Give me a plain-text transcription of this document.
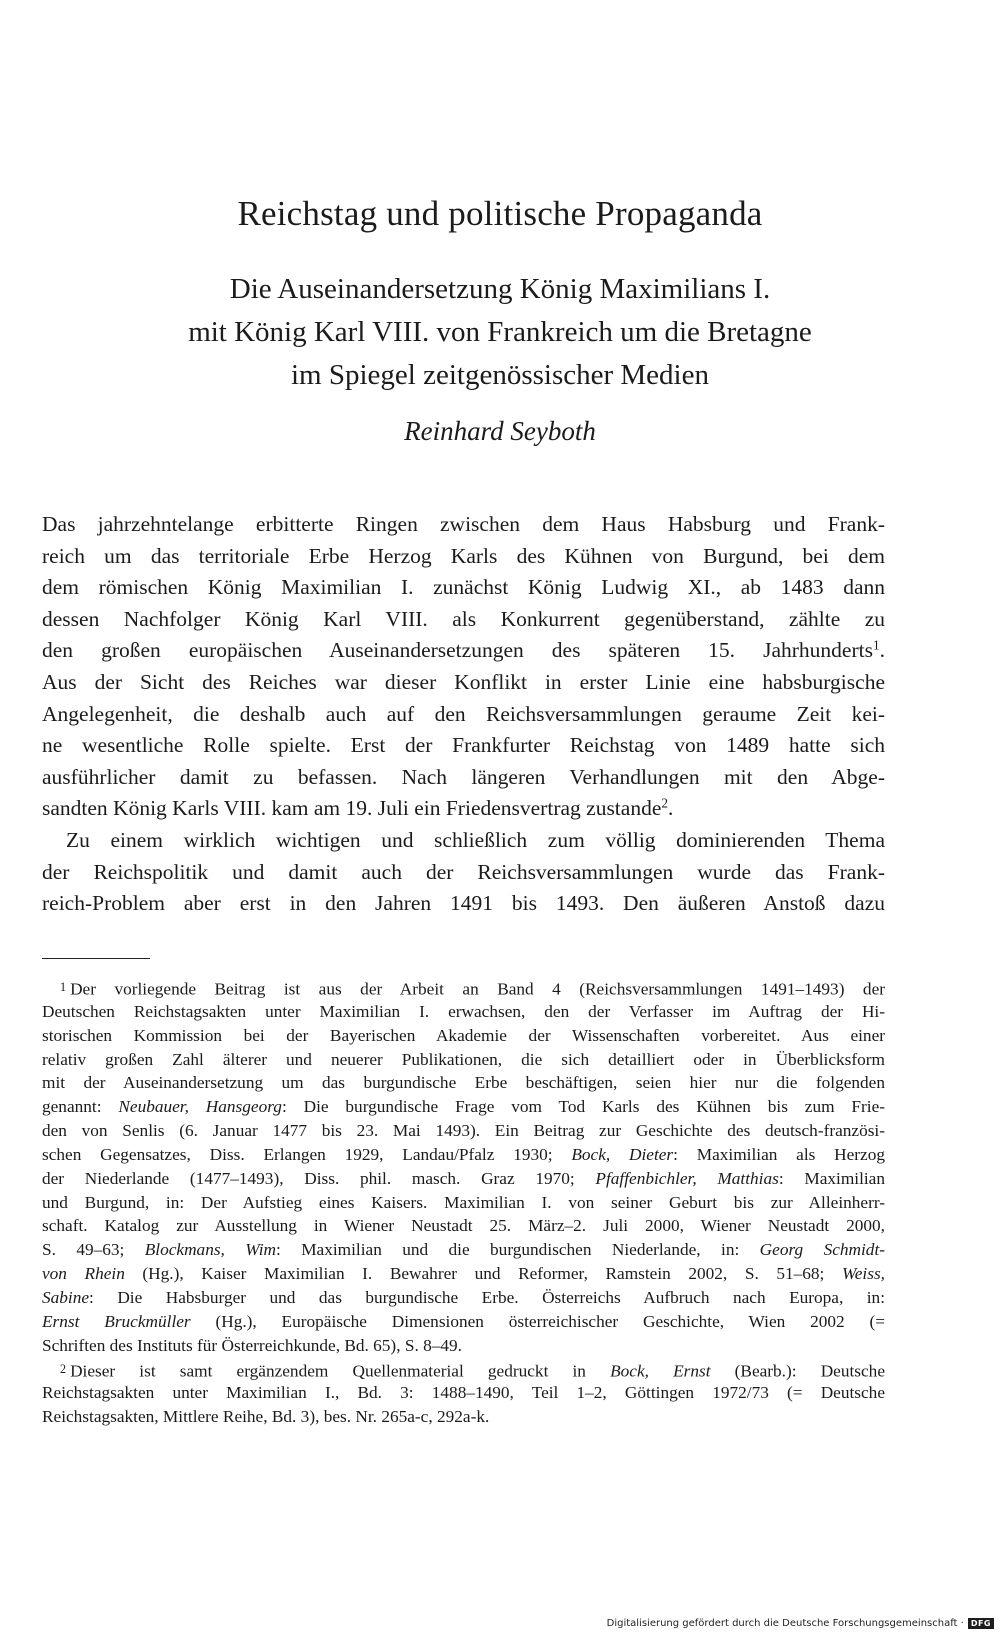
Reichstag und politische Propaganda
Die Auseinandersetzung König Maximilians I.
mit König Karl VIII. von Frankreich um die Bretagne
im Spiegel zeitgenössischer Medien
Reinhard Seyboth
Das jahrzehntelange erbitterte Ringen zwischen dem Haus Habsburg und Frank-
reich um das territoriale Erbe Herzog Karls des Kühnen von Burgund, bei dem
dem römischen König Maximilian I. zunächst König Ludwig XI., ab 1483 dann
dessen Nachfolger König Karl VIII. als Konkurrent gegenüberstand, zählte zu
den großen europäischen Auseinandersetzungen des späteren 15. Jahrhunderts$^1$.
Aus der Sicht des Reiches war dieser Konflikt in erster Linie eine habsburgische
Angelegenheit, die deshalb auch auf den Reichsversammlungen geraume Zeit kei-
ne wesentliche Rolle spielte. Erst der Frankfurter Reichstag von 1489 hatte sich
ausführlicher damit zu befassen. Nach längeren Verhandlungen mit den Abge-
sandten König Karls VIII. kam am 19. Juli ein Friedensvertrag zustande$^2$.
Zu einem wirklich wichtigen und schließlich zum völlig dominierenden Thema
der Reichspolitik und damit auch der Reichsversammlungen wurde das Frank-
reich-Problem aber erst in den Jahren 1491 bis 1493. Den äußeren Anstoß dazu
$^1$ Der vorliegende Beitrag ist aus der Arbeit an Band 4 (Reichsversammlungen 1491–1493) der
Deutschen Reichstagsakten unter Maximilian I. erwachsen, den der Verfasser im Auftrag der Hi-
storischen Kommission bei der Bayerischen Akademie der Wissenschaften vorbereitet. Aus einer
relativ großen Zahl älterer und neuerer Publikationen, die sich detailliert oder in Überblicksform
mit der Auseinandersetzung um das burgundische Erbe beschäftigen, seien hier nur die folgenden
genannt: Neubauer, Hansgeorg: Die burgundische Frage vom Tod Karls des Kühnen bis zum Frie-
den von Senlis (6. Januar 1477 bis 23. Mai 1493). Ein Beitrag zur Geschichte des deutsch-französi-
schen Gegensatzes, Diss. Erlangen 1929, Landau/Pfalz 1930; Bock, Dieter: Maximilian als Herzog
der Niederlande (1477–1493), Diss. phil. masch. Graz 1970; Pfaffenbichler, Matthias: Maximilian
und Burgund, in: Der Aufstieg eines Kaisers. Maximilian I. von seiner Geburt bis zur Alleinherr-
schaft. Katalog zur Ausstellung in Wiener Neustadt 25. März–2. Juli 2000, Wiener Neustadt 2000,
S. 49–63; Blockmans, Wim: Maximilian und die burgundischen Niederlande, in: Georg Schmidt-
von Rhein (Hg.), Kaiser Maximilian I. Bewahrer und Reformer, Ramstein 2002, S. 51–68; Weiss,
Sabine: Die Habsburger und das burgundische Erbe. Österreichs Aufbruch nach Europa, in:
Ernst Bruckmüller (Hg.), Europäische Dimensionen österreichischer Geschichte, Wien 2002 (=
Schriften des Instituts für Österreichkunde, Bd. 65), S. 8–49.
$^2$ Dieser ist samt ergänzendem Quellenmaterial gedruckt in Bock, Ernst (Bearb.): Deutsche
Reichstagsakten unter Maximilian I., Bd. 3: 1488–1490, Teil 1–2, Göttingen 1972/73 (= Deutsche
Reichstagsakten, Mittlere Reihe, Bd. 3), bes. Nr. 265a-c, 292a-k.
Digitalisierung gefördert durch die Deutsche Forschungsgemeinschaft · DFG
